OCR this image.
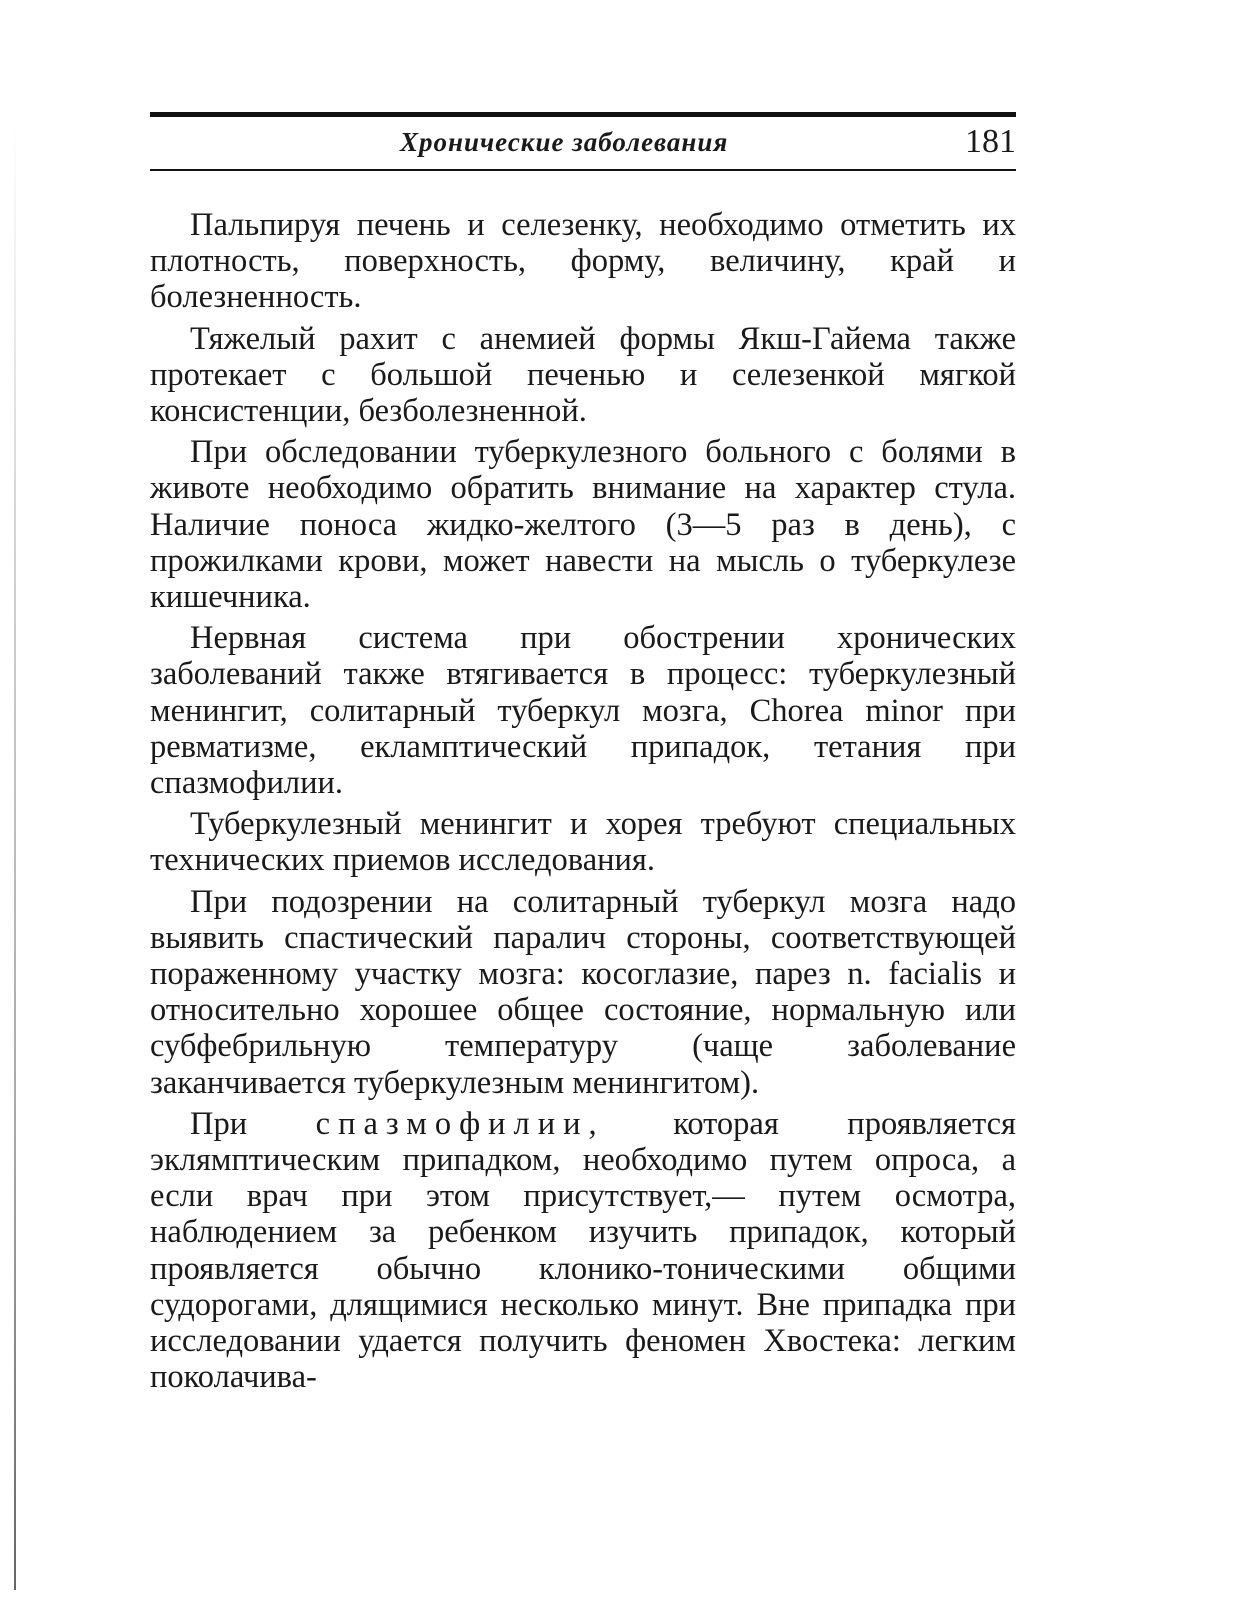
Хронические заболевания	181

Пальпируя печень и селезенку, необходимо отметить их плотность, поверхность, форму, величину, край и болезненность.

Тяжелый рахит с анемией формы Якш-Гайема также протекает с большой печенью и селезенкой мягкой консистенции, безболезненной.

При обследовании туберкулезного больного с болями в животе необходимо обратить внимание на характер стула. Наличие поноса жидко-желтого (3—5 раз в день), с прожилками крови, может навести на мысль о туберкулезе кишечника.

Нервная система при обострении хронических заболеваний также втягивается в процесс: туберкулезный менингит, солитарный туберкул мозга, Chorea minor при ревматизме, екламптический припадок, тетания при спазмофилии.

Туберкулезный менингит и хорея требуют специальных технических приемов исследования.

При подозрении на солитарный туберкул мозга надо выявить спастический паралич стороны, соответствующей пораженному участку мозга: косоглазие, парез n. facialis и относительно хорошее общее состояние, нормальную или субфебрильную температуру (чаще заболевание заканчивается туберкулезным менингитом).

При спазмофилии, которая проявляется эклямптическим припадком, необходимо путем опроса, а если врач при этом присутствует,— путем осмотра, наблюдением за ребенком изучить припадок, который проявляется обычно клонико-тоническими общими судорогами, длящимися несколько минут. Вне припадка при исследовании удается получить феномен Хвостека: легким поколачива-
